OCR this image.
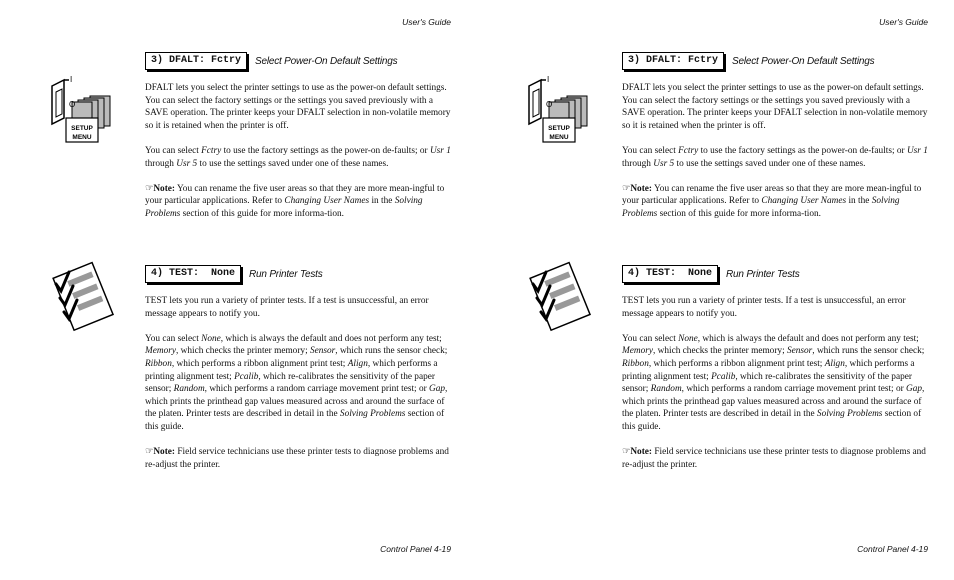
User's Guide
I
O
SETUP
MENU
3) DFALT: Fctry	Select Power-On Default Settings

DFALT lets you select the printer settings to use as the power-on default settings. You can select the factory settings or the settings you saved previously with a SAVE operation. The printer keeps your DFALT selection in non-volatile memory so it is retained when the printer is off.

You can select Fctry to use the factory settings as the power-on de-faults; or Usr 1 through Usr 5 to use the settings saved under one of these names.

☞Note: You can rename the five user areas so that they are more mean-ingful to your particular applications. Refer to Changing User Names in the Solving Problems section of this guide for more informa-tion.

4) TEST:  None	Run Printer Tests

TEST lets you run a variety of printer tests. If a test is unsuccessful, an error message appears to notify you.

You can select None, which is always the default and does not perform any test; Memory, which checks the printer memory; Sensor, which runs the sensor check; Ribbon, which performs a ribbon alignment print test; Align, which performs a printing alignment test; Pcalib, which re-calibrates the sensitivity of the paper sensor; Random, which performs a random carriage movement print test; or Gap, which prints the printhead gap values measured across and around the surface of the platen. Printer tests are described in detail in the Solving Problems section of this guide.

☞Note: Field service technicians use these printer tests to diagnose problems and re-adjust the printer.

Control Panel 4-19
User's Guide
I
O
SETUP
MENU
3) DFALT: Fctry	Select Power-On Default Settings

DFALT lets you select the printer settings to use as the power-on default settings. You can select the factory settings or the settings you saved previously with a SAVE operation. The printer keeps your DFALT selection in non-volatile memory so it is retained when the printer is off.

You can select Fctry to use the factory settings as the power-on de-faults; or Usr 1 through Usr 5 to use the settings saved under one of these names.

☞Note: You can rename the five user areas so that they are more mean-ingful to your particular applications. Refer to Changing User Names in the Solving Problems section of this guide for more informa-tion.

4) TEST:  None	Run Printer Tests

TEST lets you run a variety of printer tests. If a test is unsuccessful, an error message appears to notify you.

You can select None, which is always the default and does not perform any test; Memory, which checks the printer memory; Sensor, which runs the sensor check; Ribbon, which performs a ribbon alignment print test; Align, which performs a printing alignment test; Pcalib, which re-calibrates the sensitivity of the paper sensor; Random, which performs a random carriage movement print test; or Gap, which prints the printhead gap values measured across and around the surface of the platen. Printer tests are described in detail in the Solving Problems section of this guide.

☞Note: Field service technicians use these printer tests to diagnose problems and re-adjust the printer.

Control Panel 4-19
